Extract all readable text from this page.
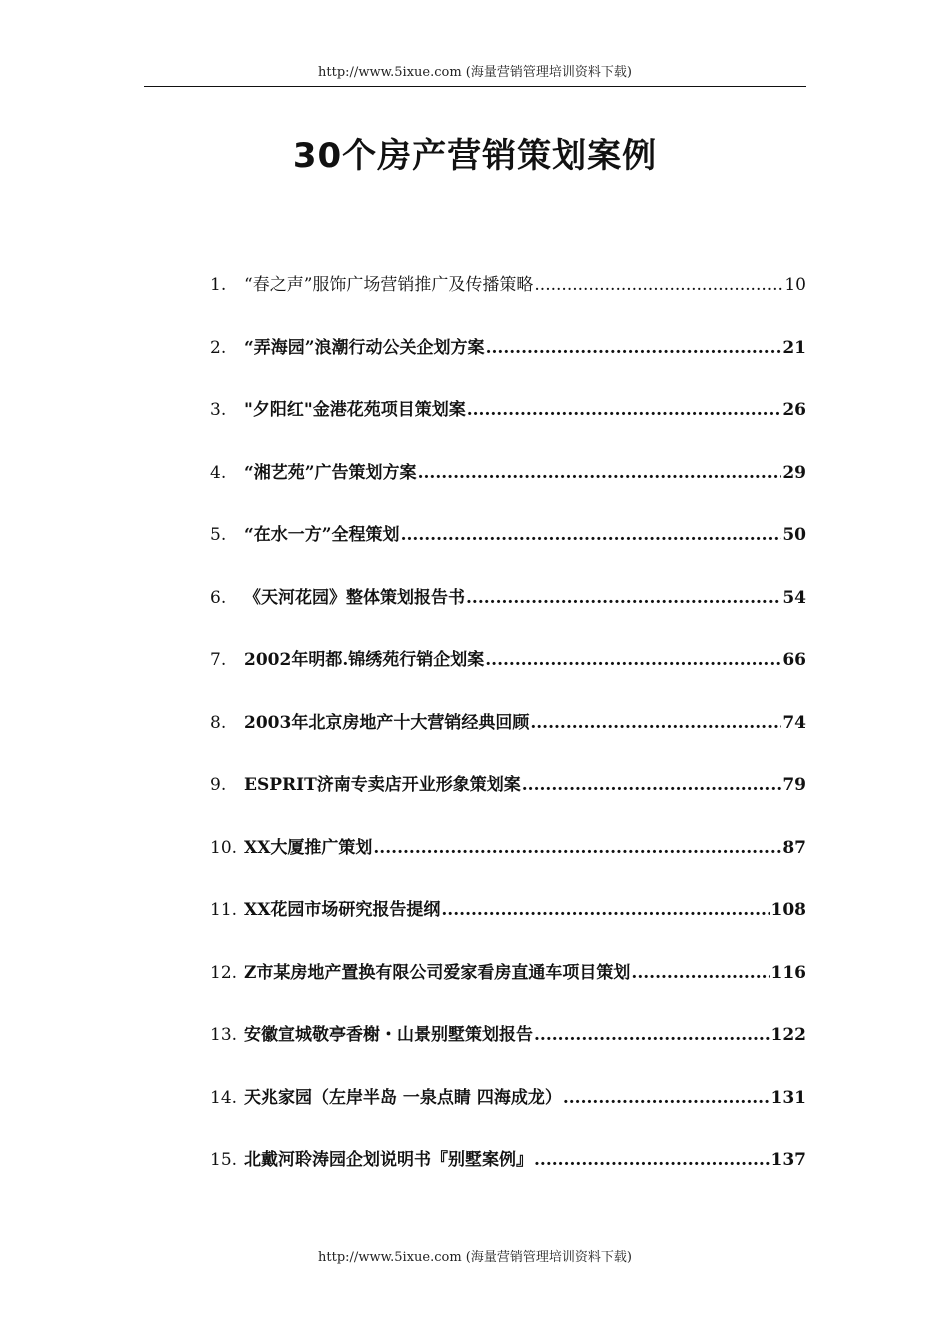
http://www.5ixue.com (海量营销管理培训资料下载)
30个房产营销策划案例
1.	“春之声”服饰广场营销推广及传播策略 .....	10
2.	“弄海园”浪潮行动公关企划方案 .....	21
3.	"夕阳红"金港花苑项目策划案 .....	26
4.	“湘艺苑”广告策划方案 .....	29
5.	“在水一方”全程策划 .....	50
6.	《天河花园》整体策划报告书 .....	54
7.	2002年明都.锦绣苑行销企划案 .....	66
8.	2003年北京房地产十大营销经典回顾 .....	74
9.	ESPRIT济南专卖店开业形象策划案 .....	79
10. XX大厦推广策划 .....	87
11. XX花园市场研究报告提纲 .....	108
12. Z市某房地产置换有限公司爱家看房直通车项目策划 .....	116
13. 安徽宣城敬亭香榭・山景别墅策划报告 .....	122
14. 天兆家园（左岸半岛 一泉点睛 四海成龙） .....	131
15. 北戴河聆涛园企划说明书『别墅案例』 .....	137
http://www.5ixue.com (海量营销管理培训资料下载)
